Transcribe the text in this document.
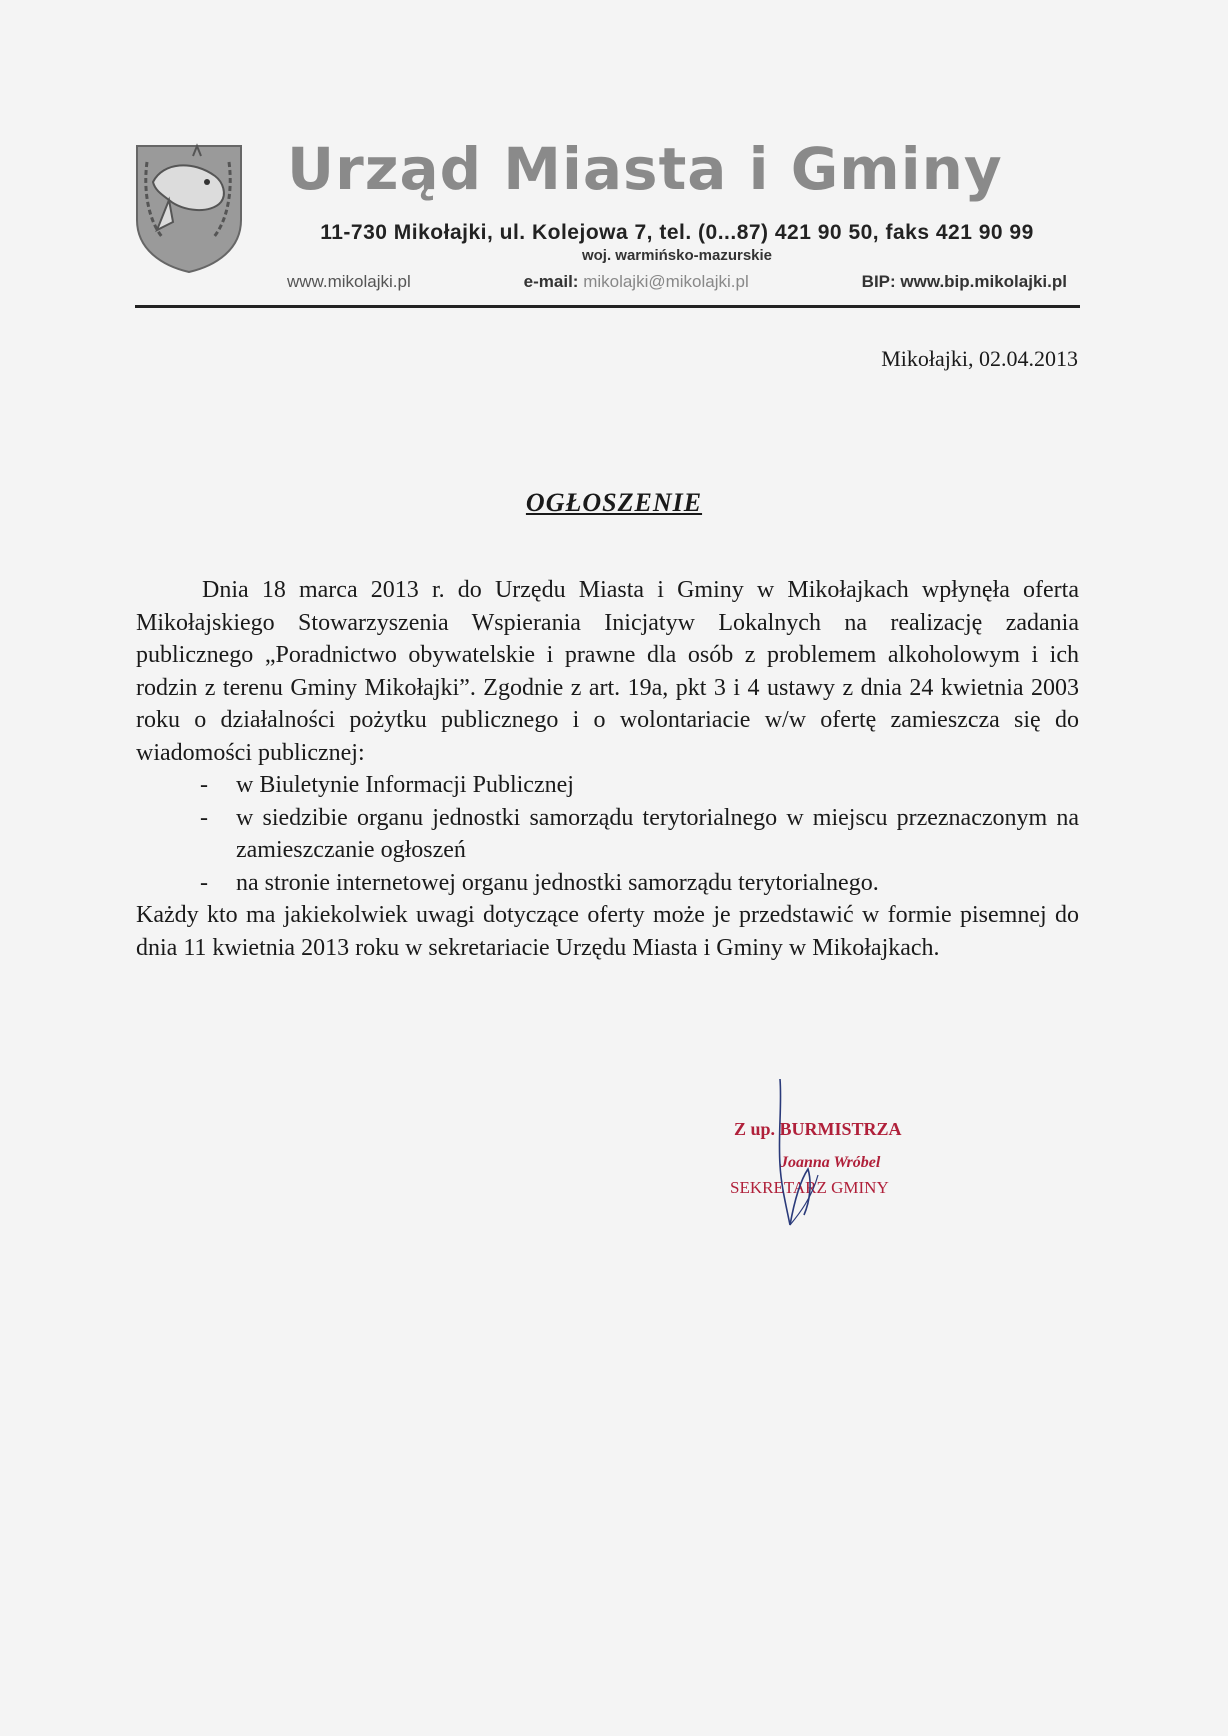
Urząd Miasta i Gminy
11-730 Mikołajki, ul. Kolejowa 7, tel. (0...87) 421 90 50, faks 421 90 99
woj. warmińsko-mazurskie
www.mikolajki.pl	e-mail: mikolajki@mikolajki.pl	BIP: www.bip.mikolajki.pl
Mikołajki, 02.04.2013
OGŁOSZENIE

Dnia 18 marca 2013 r. do Urzędu Miasta i Gminy w Mikołajkach wpłynęła oferta Mikołajskiego Stowarzyszenia Wspierania Inicjatyw Lokalnych na realizację zadania publicznego „Poradnictwo obywatelskie i prawne dla osób z problemem alkoholowym i ich rodzin z terenu Gminy Mikołajki”. Zgodnie z art. 19a, pkt 3 i 4 ustawy z dnia 24 kwietnia 2003 roku o działalności pożytku publicznego i o wolontariacie w/w ofertę zamieszcza się do wiadomości publicznej:

- w Biuletynie Informacji Publicznej
- w siedzibie organu jednostki samorządu terytorialnego w miejscu przeznaczonym na zamieszczanie ogłoszeń
- na stronie internetowej organu jednostki samorządu terytorialnego.

Każdy kto ma jakiekolwiek uwagi dotyczące oferty może je przedstawić w formie pisemnej do dnia 11 kwietnia 2013 roku w sekretariacie Urzędu Miasta i Gminy w Mikołajkach.

Z up. BURMISTRZA
Joanna Wróbel
SEKRETARZ GMINY
